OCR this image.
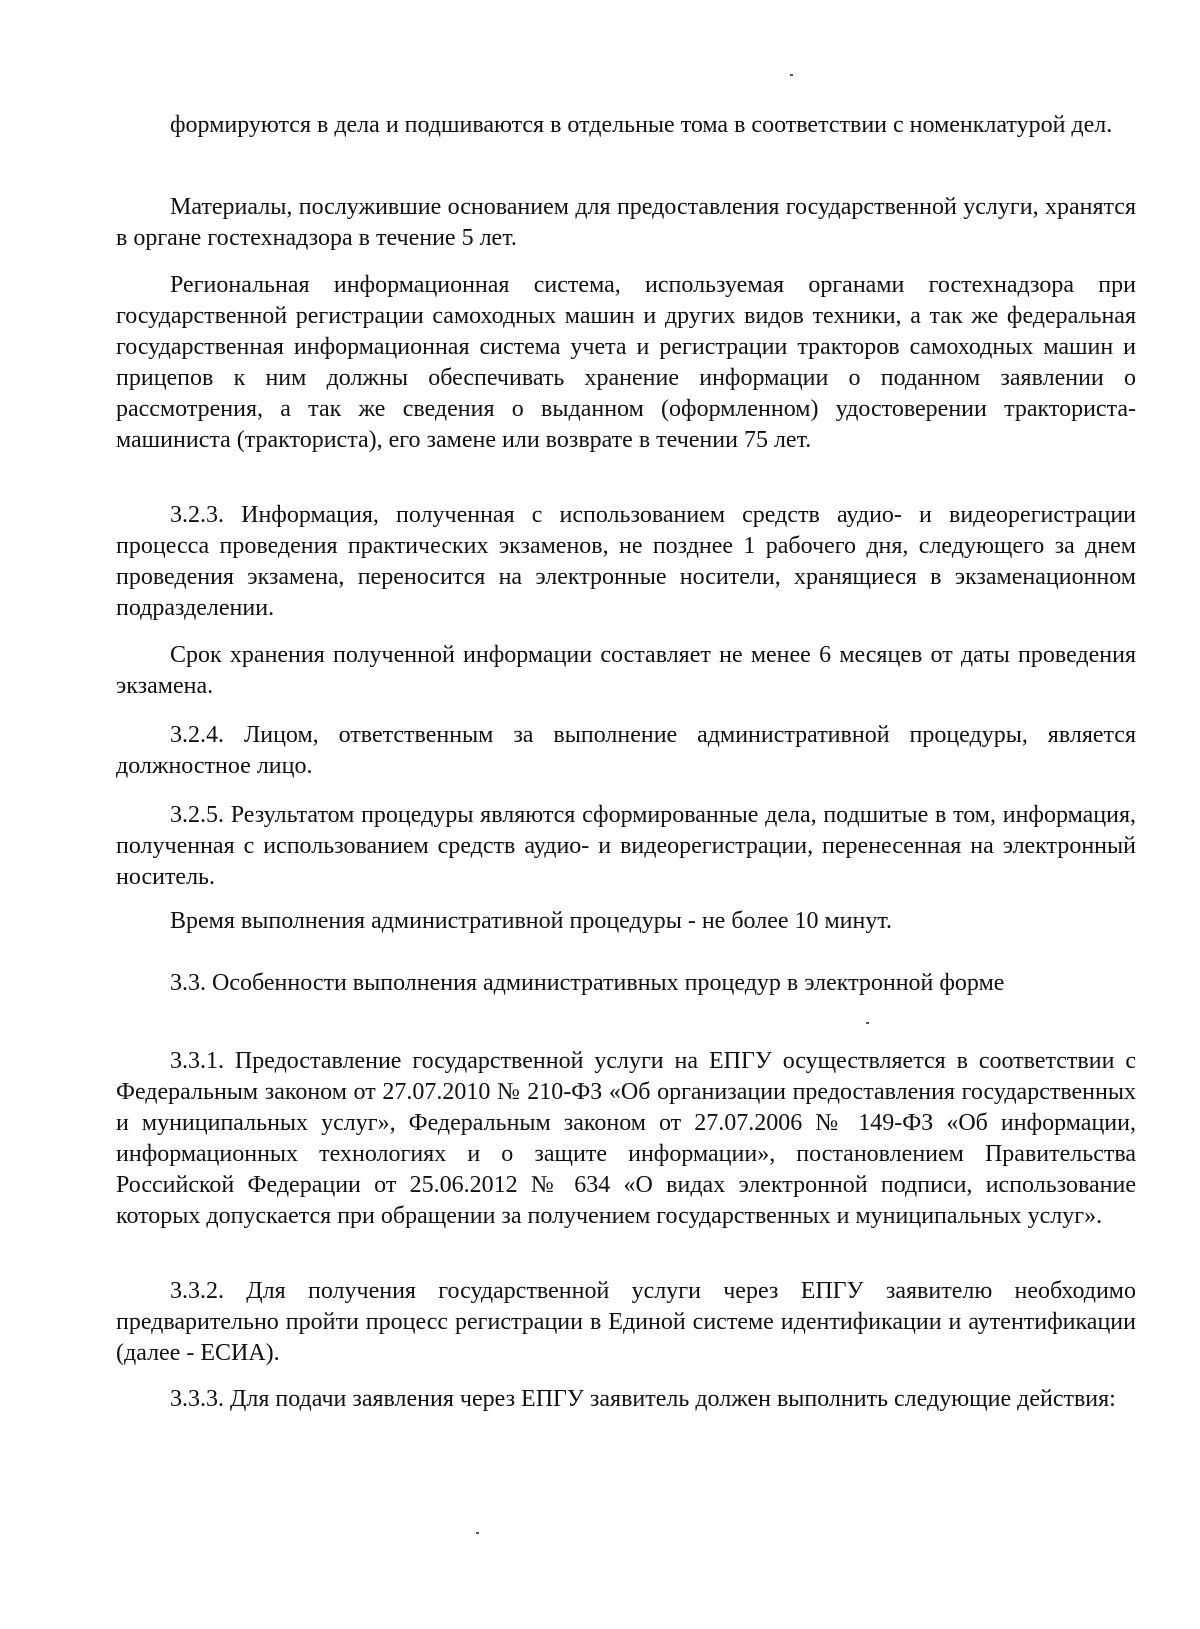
формируются в дела и подшиваются в отдельные тома в соответствии с номенклатурой дел.

Материалы, послужившие основанием для предоставления государственной услуги, хранятся в органе гостехнадзора в течение 5 лет.

Региональная информационная система, используемая органами гостехнадзора при государственной регистрации самоходных машин и других видов техники, а так же федеральная государственная информационная система учета и регистрации тракторов самоходных машин и прицепов к ним должны обеспечивать хранение информации о поданном заявлении о рассмотрения, а так же сведения о выданном (оформленном) удостоверении тракториста-машиниста (тракториста), его замене или возврате в течении 75 лет.

3.2.3. Информация, полученная с использованием средств аудио- и видеорегистрации процесса проведения практических экзаменов, не позднее 1 рабочего дня, следующего за днем проведения экзамена, переносится на электронные носители, хранящиеся в экзаменационном подразделении.

Срок хранения полученной информации составляет не менее 6 месяцев от даты проведения экзамена.

3.2.4. Лицом, ответственным за выполнение административной процедуры, является должностное лицо.

3.2.5. Результатом процедуры являются сформированные дела, подшитые в том, информация, полученная с использованием средств аудио- и видеорегистрации, перенесенная на электронный носитель.

Время выполнения административной процедуры - не более 10 минут.

3.3. Особенности выполнения административных процедур в электронной форме

3.3.1. Предоставление государственной услуги на ЕПГУ осуществляется в соответствии с Федеральным законом от 27.07.2010 № 210-ФЗ «Об организации предоставления государственных и муниципальных услуг», Федеральным законом от 27.07.2006 № 149-ФЗ «Об информации, информационных технологиях и о защите информации», постановлением Правительства Российской Федерации от 25.06.2012 № 634 «О видах электронной подписи, использование которых допускается при обращении за получением государственных и муниципальных услуг».

3.3.2. Для получения государственной услуги через ЕПГУ заявителю необходимо предварительно пройти процесс регистрации в Единой системе идентификации и аутентификации (далее - ЕСИА).

3.3.3. Для подачи заявления через ЕПГУ заявитель должен выполнить следующие действия:
